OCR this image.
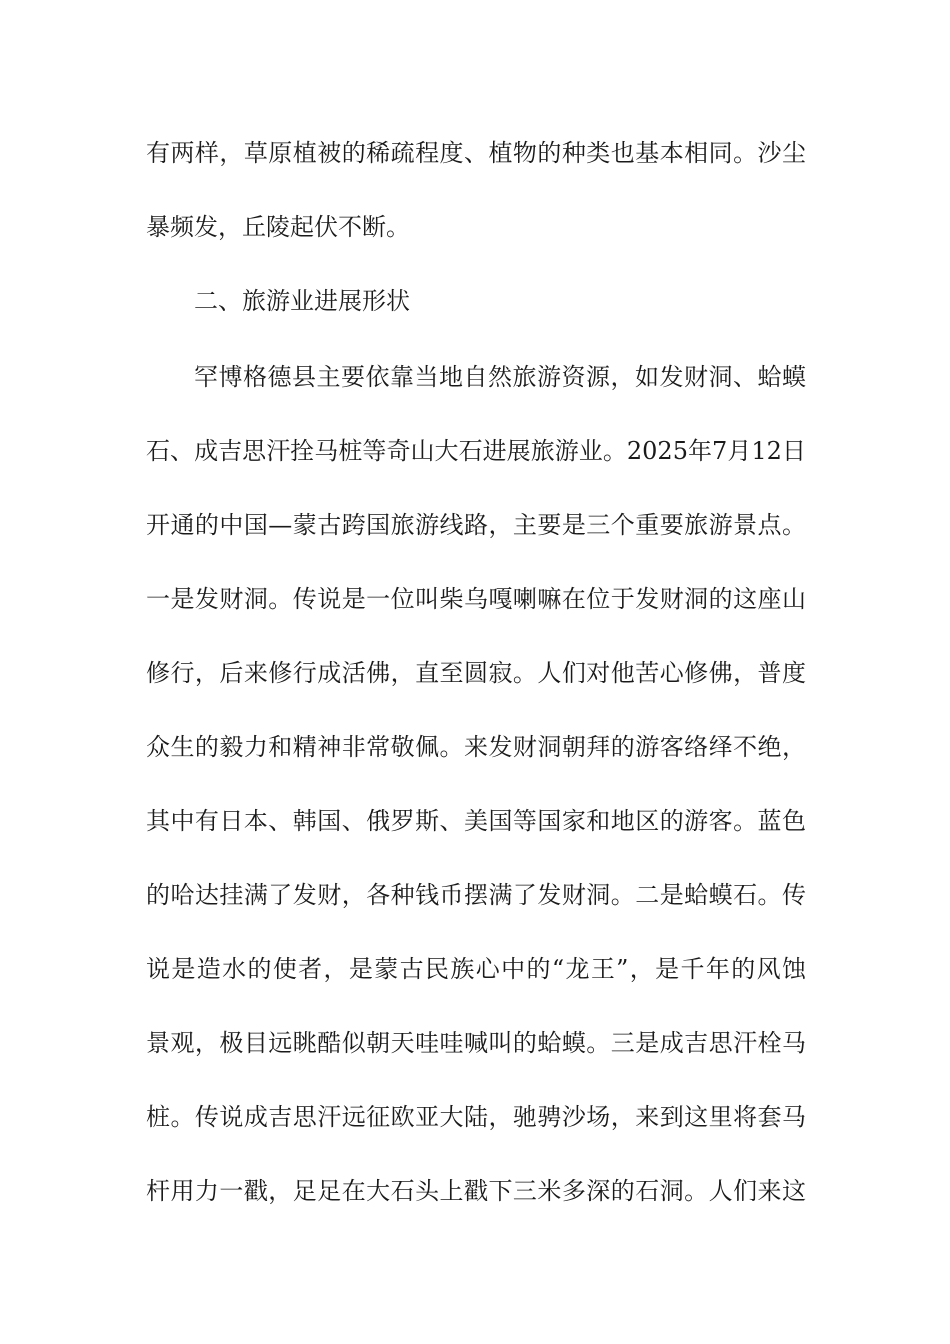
有两样，草原植被的稀疏程度、植物的种类也基本相同。沙尘
暴频发，丘陵起伏不断。
二、旅游业进展形状
罕博格德县主要依靠当地自然旅游资源，如发财洞、蛤蟆
石、成吉思汗拴马桩等奇山大石进展旅游业。2025年7月12日
开通的中国—蒙古跨国旅游线路，主要是三个重要旅游景点。
一是发财洞。传说是一位叫柴乌嘎喇嘛在位于发财洞的这座山
修行，后来修行成活佛，直至圆寂。人们对他苦心修佛，普度
众生的毅力和精神非常敬佩。来发财洞朝拜的游客络绎不绝，
其中有日本、韩国、俄罗斯、美国等国家和地区的游客。蓝色
的哈达挂满了发财，各种钱币摆满了发财洞。二是蛤蟆石。传
说是造水的使者，是蒙古民族心中的“龙王”，是千年的风蚀
景观，极目远眺酷似朝天哇哇喊叫的蛤蟆。三是成吉思汗栓马
桩。传说成吉思汗远征欧亚大陆，驰骋沙场，来到这里将套马
杆用力一戳，足足在大石头上戳下三米多深的石洞。人们来这
